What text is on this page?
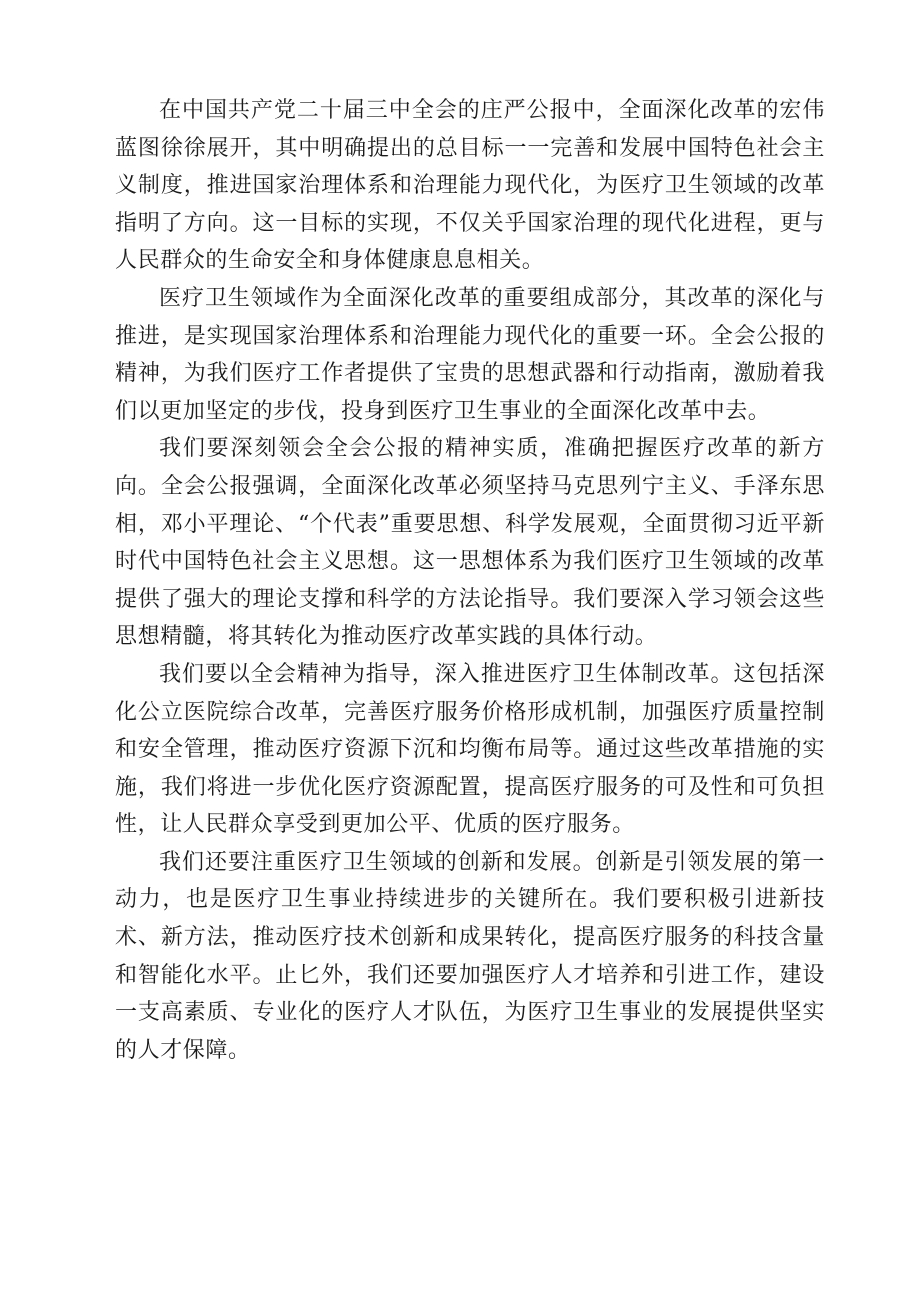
在中国共产党二十届三中全会的庄严公报中，全面深化改革的宏伟蓝图徐徐展开，其中明确提出的总目标一一完善和发展中国特色社会主义制度，推进国家治理体系和治理能力现代化，为医疗卫生领域的改革指明了方向。这一目标的实现，不仅关乎国家治理的现代化进程，更与人民群众的生命安全和身体健康息息相关。

医疗卫生领域作为全面深化改革的重要组成部分，其改革的深化与推进，是实现国家治理体系和治理能力现代化的重要一环。全会公报的精神，为我们医疗工作者提供了宝贵的思想武器和行动指南，激励着我们以更加坚定的步伐，投身到医疗卫生事业的全面深化改革中去。

我们要深刻领会全会公报的精神实质，准确把握医疗改革的新方向。全会公报强调，全面深化改革必须坚持马克思列宁主义、手泽东思相，邓小平理论、“个代表”重要思想、科学发展观，全面贯彻习近平新时代中国特色社会主义思想。这一思想体系为我们医疗卫生领域的改革提供了强大的理论支撑和科学的方法论指导。我们要深入学习领会这些思想精髓，将其转化为推动医疗改革实践的具体行动。

我们要以全会精神为指导，深入推进医疗卫生体制改革。这包括深化公立医院综合改革，完善医疗服务价格形成机制，加强医疗质量控制和安全管理，推动医疗资源下沉和均衡布局等。通过这些改革措施的实施，我们将进一步优化医疗资源配置，提高医疗服务的可及性和可负担性，让人民群众享受到更加公平、优质的医疗服务。

我们还要注重医疗卫生领域的创新和发展。创新是引领发展的第一动力，也是医疗卫生事业持续进步的关键所在。我们要积极引进新技术、新方法，推动医疗技术创新和成果转化，提高医疗服务的科技含量和智能化水平。止匕外，我们还要加强医疗人才培养和引进工作，建设一支高素质、专业化的医疗人才队伍，为医疗卫生事业的发展提供坚实的人才保障。
